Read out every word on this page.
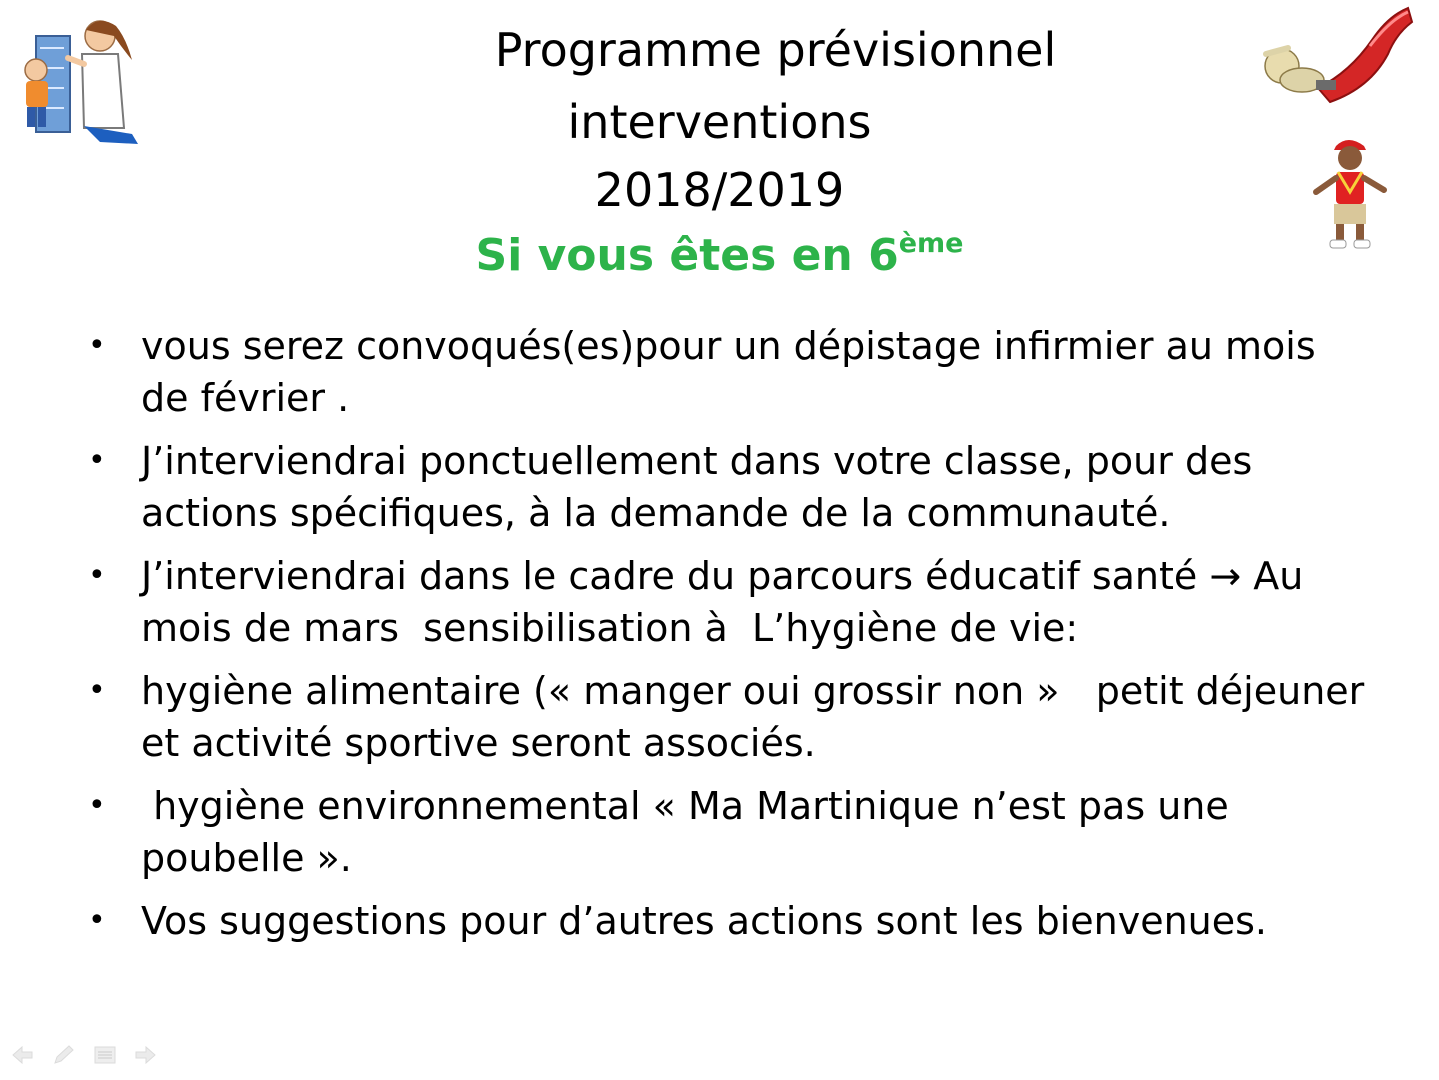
Programme prévisionnel
interventions
2018/2019
Si vous êtes en 6ème
• vous serez convoqués(es)pour un dépistage infirmier au mois de février .
• J’interviendrai ponctuellement dans votre classe, pour des actions spécifiques, à la demande de la communauté.
• J’interviendrai dans le cadre du parcours éducatif santé → Au mois de mars  sensibilisation à  L’hygiène de vie:
• hygiène alimentaire (« manger oui grossir non »   petit déjeuner et activité sportive seront associés.
• hygiène environnemental « Ma Martinique n’est pas une poubelle ».
• Vos suggestions pour d’autres actions sont les bienvenues.
